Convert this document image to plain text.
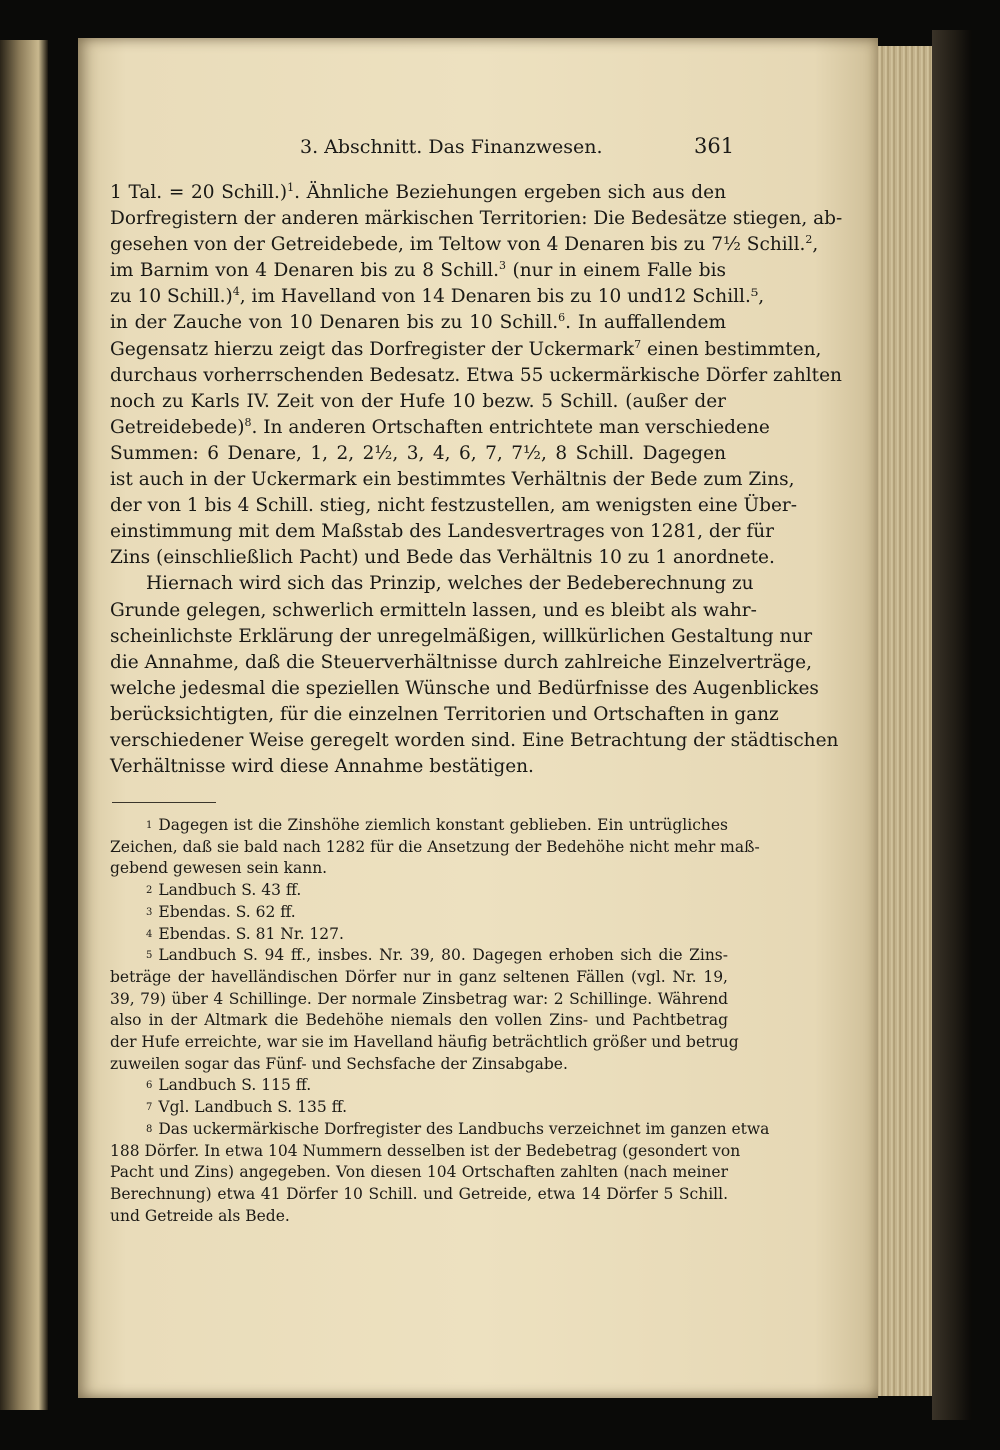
3. Abschnitt. Das Finanzwesen.	361
1 Tal. = 20 Schill.)$^1$. Ähnliche Beziehungen ergeben sich aus den
Dorfregistern der anderen märkischen Territorien: Die Bedesätze stiegen, ab-
gesehen von der Getreidebede, im Teltow von 4 Denaren bis zu 7½ Schill.$^2$,
im Barnim von 4 Denaren bis zu 8 Schill.$^3$ (nur in einem Falle bis
zu 10 Schill.)$^4$, im Havelland von 14 Denaren bis zu 10 und12 Schill.⁵,
in der Zauche von 10 Denaren bis zu 10 Schill.$^6$. In auffallendem
Gegensatz hierzu zeigt das Dorfregister der Uckermark$^7$ einen bestimmten,
durchaus vorherrschenden Bedesatz. Etwa 55 uckermärkische Dörfer zahlten
noch zu Karls IV. Zeit von der Hufe 10 bezw. 5 Schill. (außer der
Getreidebede)$^8$. In anderen Ortschaften entrichtete man verschiedene
Summen: 6 Denare, 1, 2, 2½, 3, 4, 6, 7, 7½, 8 Schill. Dagegen
ist auch in der Uckermark ein bestimmtes Verhältnis der Bede zum Zins,
der von 1 bis 4 Schill. stieg, nicht festzustellen, am wenigsten eine Über-
einstimmung mit dem Maßstab des Landesvertrages von 1281, der für
Zins (einschließlich Pacht) und Bede das Verhältnis 10 zu 1 anordnete.
Hiernach wird sich das Prinzip, welches der Bedeberechnung zu
Grunde gelegen, schwerlich ermitteln lassen, und es bleibt als wahr-
scheinlichste Erklärung der unregelmäßigen, willkürlichen Gestaltung nur
die Annahme, daß die Steuerverhältnisse durch zahlreiche Einzelverträge,
welche jedesmal die speziellen Wünsche und Bedürfnisse des Augenblickes
berücksichtigten, für die einzelnen Territorien und Ortschaften in ganz
verschiedener Weise geregelt worden sind. Eine Betrachtung der städtischen
Verhältnisse wird diese Annahme bestätigen.
$^1$ Dagegen ist die Zinshöhe ziemlich konstant geblieben. Ein untrügliches
Zeichen, daß sie bald nach 1282 für die Ansetzung der Bedehöhe nicht mehr maß-
gebend gewesen sein kann.
$^2$ Landbuch S. 43 ff.
$^3$ Ebendas. S. 62 ff.
$^4$ Ebendas. S. 81 Nr. 127.
$^5$ Landbuch S. 94 ff., insbes. Nr. 39, 80. Dagegen erhoben sich die Zins-
beträge der havelländischen Dörfer nur in ganz seltenen Fällen (vgl. Nr. 19,
39, 79) über 4 Schillinge. Der normale Zinsbetrag war: 2 Schillinge. Während
also in der Altmark die Bedehöhe niemals den vollen Zins- und Pachtbetrag
der Hufe erreichte, war sie im Havelland häufig beträchtlich größer und betrug
zuweilen sogar das Fünf- und Sechsfache der Zinsabgabe.
$^6$ Landbuch S. 115 ff.
$^7$ Vgl. Landbuch S. 135 ff.
$^8$ Das uckermärkische Dorfregister des Landbuchs verzeichnet im ganzen etwa
188 Dörfer. In etwa 104 Nummern desselben ist der Bedebetrag (gesondert von
Pacht und Zins) angegeben. Von diesen 104 Ortschaften zahlten (nach meiner
Berechnung) etwa 41 Dörfer 10 Schill. und Getreide, etwa 14 Dörfer 5 Schill.
und Getreide als Bede.
